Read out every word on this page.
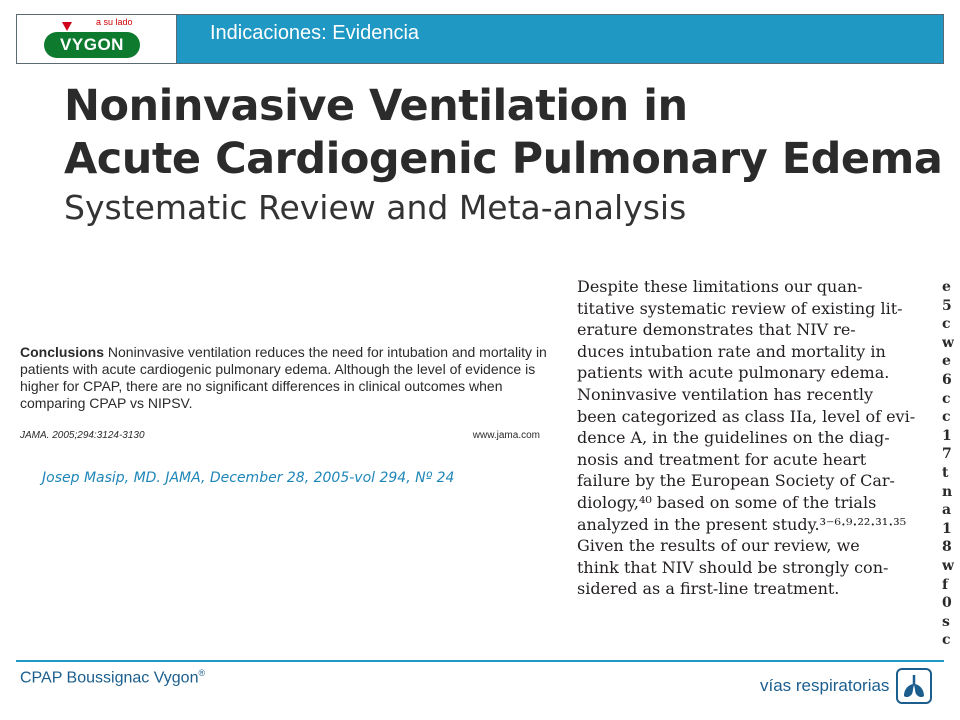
a su lado
VYGON
Indicaciones: Evidencia
Noninvasive Ventilation in
Acute Cardiogenic Pulmonary Edema
Systematic Review and Meta-analysis
Conclusions Noninvasive ventilation reduces the need for intubation and mortality in patients with acute cardiogenic pulmonary edema. Although the level of evidence is higher for CPAP, there are no significant differences in clinical outcomes when comparing CPAP vs NIPSV.
JAMA. 2005;294:3124-3130	www.jama.com
Josep Masip, MD. JAMA, December 28, 2005-vol 294, Nº 24
Despite these limitations our quan-
titative systematic review of existing lit-
erature demonstrates that NIV re-
duces intubation rate and mortality in
patients with acute pulmonary edema.
Noninvasive ventilation has recently
been categorized as class IIa, level of evi-
dence A, in the guidelines on the diag-
nosis and treatment for acute heart
failure by the European Society of Car-
diology,⁴⁰ based on some of the trials
analyzed in the present study.³⁻⁶·⁹·²²·³¹·³⁵
Given the results of our review, we
think that NIV should be strongly con-
sidered as a first-line treatment.
e
5
c
w
e
6
c
c
1
7
t
n
a
1
8
w
f
0
s
c
CPAP Boussignac Vygon®
vías respiratorias
